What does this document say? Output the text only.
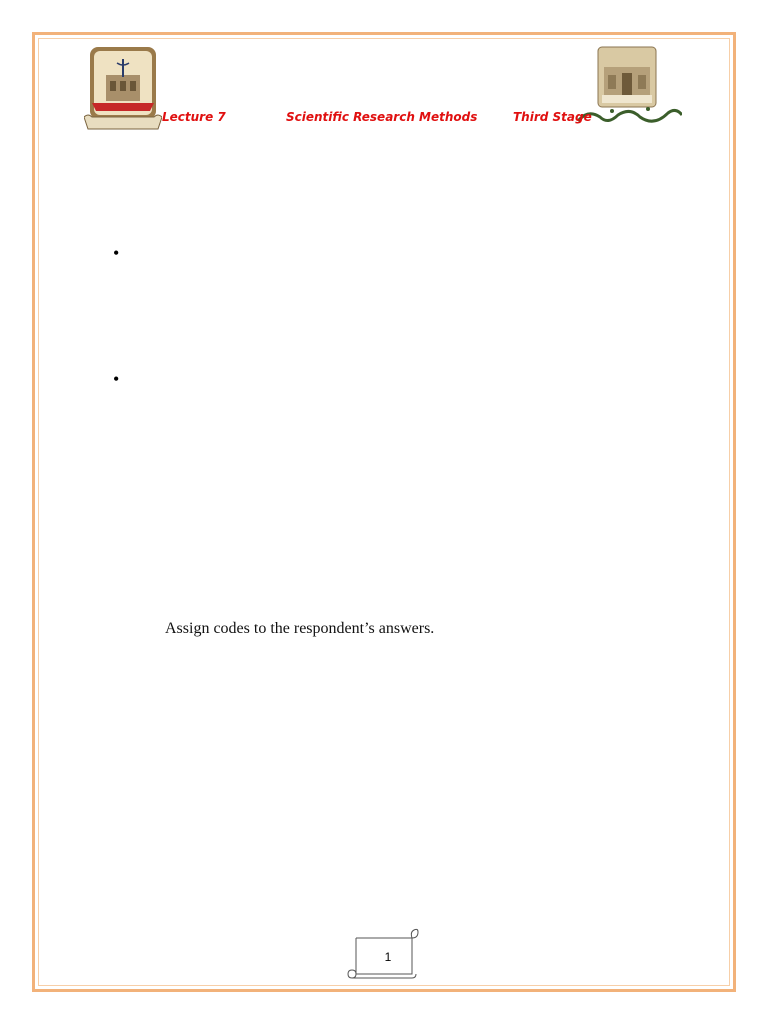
Lecture 7	Scientific Research Methods	Third Stage
•
•
Assign codes to the respondent’s answers.
1
